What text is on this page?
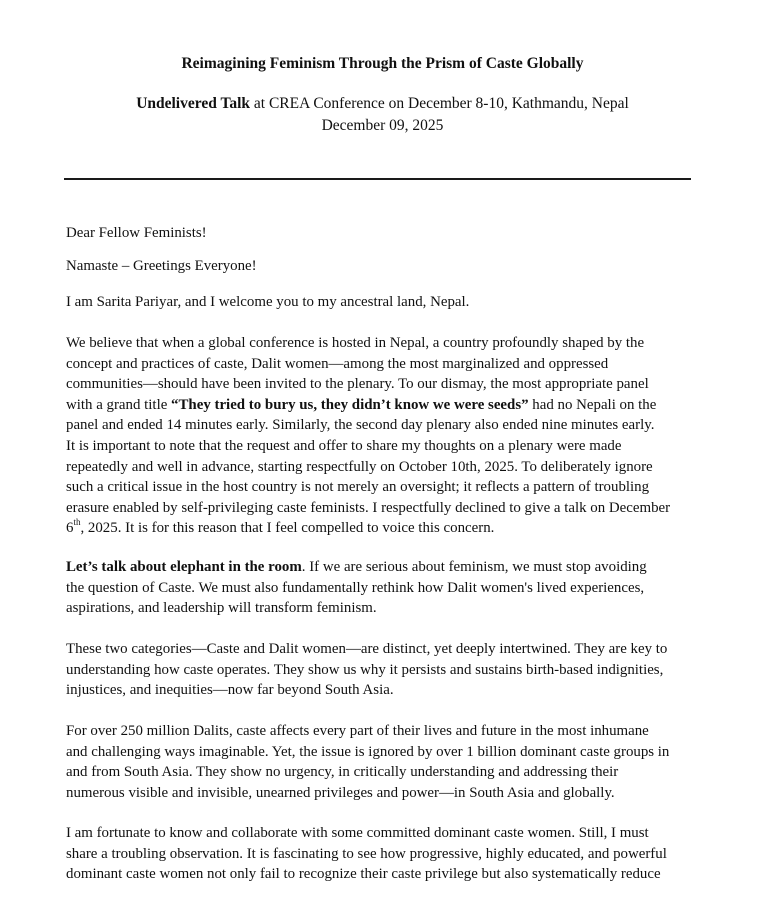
Reimagining Feminism Through the Prism of Caste Globally
Undelivered Talk at CREA Conference on December 8-10, Kathmandu, Nepal
December 09, 2025
Dear Fellow Feminists!
Namaste – Greetings Everyone!
I am Sarita Pariyar, and I welcome you to my ancestral land, Nepal.
We believe that when a global conference is hosted in Nepal, a country profoundly shaped by the
concept and practices of caste, Dalit women—among the most marginalized and oppressed
communities—should have been invited to the plenary. To our dismay, the most appropriate panel
with a grand title “They tried to bury us, they didn’t know we were seeds” had no Nepali on the
panel and ended 14 minutes early. Similarly, the second day plenary also ended nine minutes early.
It is important to note that the request and offer to share my thoughts on a plenary were made
repeatedly and well in advance, starting respectfully on October 10th, 2025. To deliberately ignore
such a critical issue in the host country is not merely an oversight; it reflects a pattern of troubling
erasure enabled by self-privileging caste feminists. I respectfully declined to give a talk on December
6th, 2025. It is for this reason that I feel compelled to voice this concern.
Let’s talk about elephant in the room. If we are serious about feminism, we must stop avoiding
the question of Caste. We must also fundamentally rethink how Dalit women's lived experiences,
aspirations, and leadership will transform feminism.
These two categories—Caste and Dalit women—are distinct, yet deeply intertwined. They are key to
understanding how caste operates. They show us why it persists and sustains birth-based indignities,
injustices, and inequities—now far beyond South Asia.
For over 250 million Dalits, caste affects every part of their lives and future in the most inhumane
and challenging ways imaginable. Yet, the issue is ignored by over 1 billion dominant caste groups in
and from South Asia. They show no urgency, in critically understanding and addressing their
numerous visible and invisible, unearned privileges and power—in South Asia and globally.
I am fortunate to know and collaborate with some committed dominant caste women. Still, I must
share a troubling observation. It is fascinating to see how progressive, highly educated, and powerful
dominant caste women not only fail to recognize their caste privilege but also systematically reduce
